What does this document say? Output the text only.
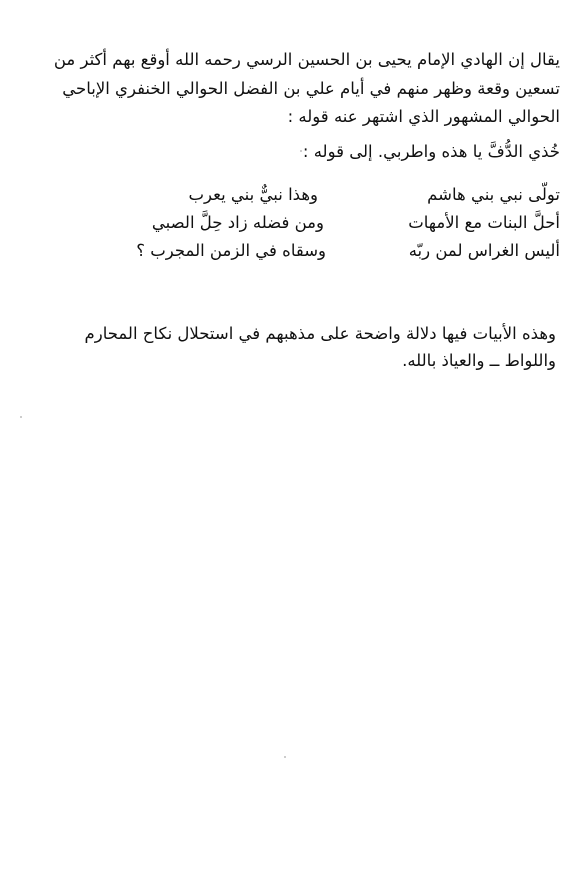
يقال إن الهادي الإمام يحيى بن الحسين الرسي رحمه الله أوقع بهم أكثر من
تسعين وقعة وظهر منهم في أيام علي بن الفضل الحوالي الخنفري الإباحي
الحوالي المشهور الذي اشتهر عنه قوله :
خُذي الدُّفَّ يا هذه واطربي. إلى قوله :
تولّى نبي بني هاشم
وهذا نبيٌّ بني يعرب
أحلَّ البنات مع الأمهات
ومن فضله زاد حِلَّ الصبي
أليس الغراس لمن ربّه
وسقاه في الزمن المجرب ؟
وهذه الأبيات فيها دلالة واضحة على مذهبهم في استحلال نكاح المحارم
واللواط ــ والعياذ بالله.
